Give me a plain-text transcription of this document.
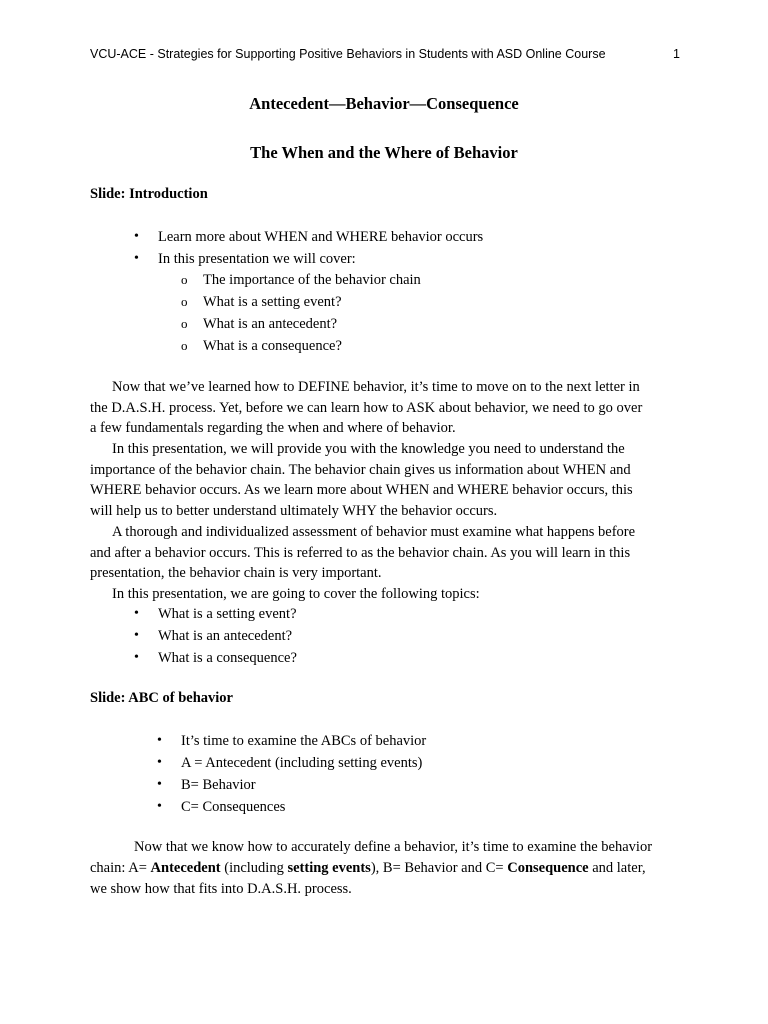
VCU-ACE - Strategies for Supporting Positive Behaviors in Students with ASD Online Course	1
Antecedent—Behavior—Consequence
The When and the Where of Behavior
Slide: Introduction
• Learn more about WHEN and WHERE behavior occurs
• In this presentation we will cover:
o The importance of the behavior chain
o What is a setting event?
o What is an antecedent?
o What is a consequence?
Now that we’ve learned how to DEFINE behavior, it’s time to move on to the next letter in
the D.A.S.H. process. Yet, before we can learn how to ASK about behavior, we need to go over
a few fundamentals regarding the when and where of behavior.
In this presentation, we will provide you with the knowledge you need to understand the
importance of the behavior chain. The behavior chain gives us information about WHEN and
WHERE behavior occurs. As we learn more about WHEN and WHERE behavior occurs, this
will help us to better understand ultimately WHY the behavior occurs.
A thorough and individualized assessment of behavior must examine what happens before
and after a behavior occurs. This is referred to as the behavior chain. As you will learn in this
presentation, the behavior chain is very important.
In this presentation, we are going to cover the following topics:
• What is a setting event?
• What is an antecedent?
• What is a consequence?
Slide: ABC of behavior
• It’s time to examine the ABCs of behavior
• A = Antecedent (including setting events)
• B= Behavior
• C= Consequences
Now that we know how to accurately define a behavior, it’s time to examine the behavior
chain: A= Antecedent (including setting events), B= Behavior and C= Consequence and later,
we show how that fits into D.A.S.H. process.
